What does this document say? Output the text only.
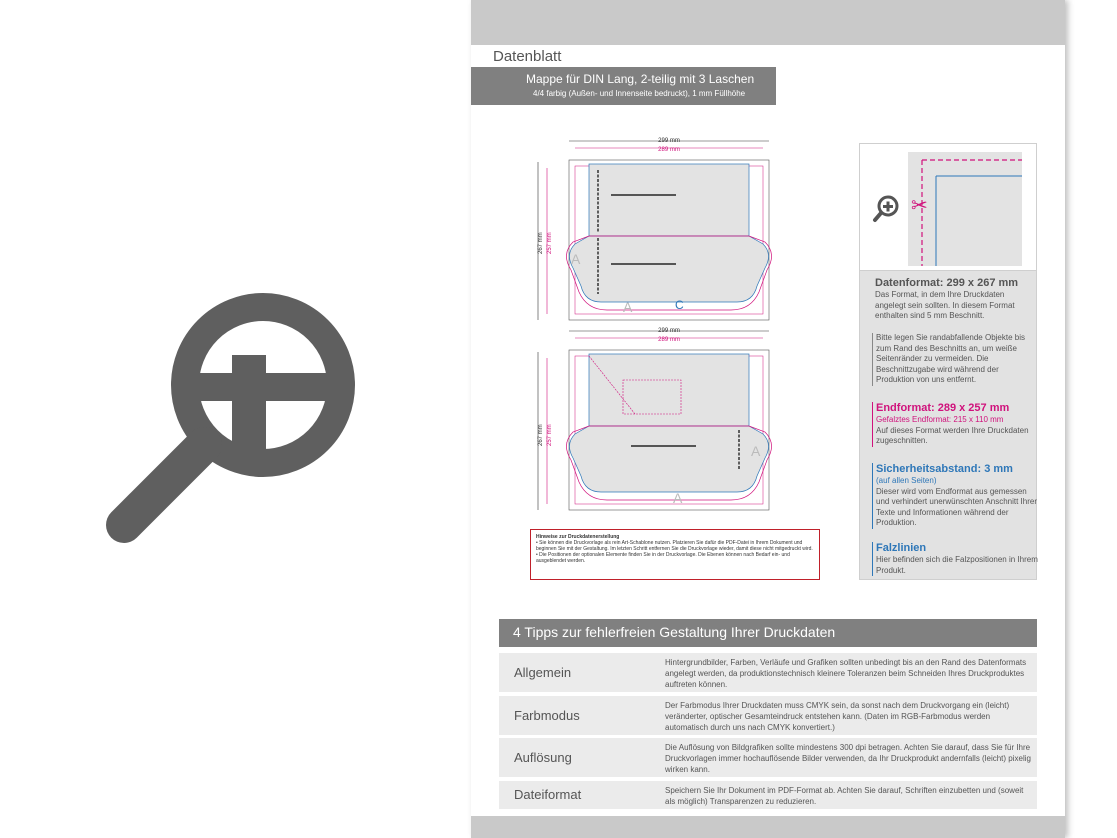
Datenblatt
Mappe für DIN Lang, 2-teilig mit 3 Laschen
4/4 farbig (Außen- und Innenseite bedruckt), 1 mm Füllhöhe
299 mm
289 mm
267 mm 257 mm
A
A	C
299 mm
289 mm
267 mm 257 mm
A
A
Hinweise zur Druckdatenerstellung
• Sie können die Druckvorlage als rein Art-Schablone nutzen. Platzieren Sie dafür die PDF-Datei in Ihrem Dokument und beginnen Sie mit der Gestaltung. Im letzten Schritt entfernen Sie die Druckvorlage wieder, damit diese nicht mitgedruckt wird.
• Die Positionen der optionalen Elemente finden Sie in der Druckvorlage. Die Ebenen können nach Bedarf ein- und ausgeblendet werden.
✂
Datenformat: 299 x 267 mm
Das Format, in dem Ihre Druckdaten angelegt sein sollten. In diesem Format enthalten sind 5 mm Beschnitt.
Bitte legen Sie randabfallende Objekte bis zum Rand des Beschnitts an, um weiße Seitenränder zu vermeiden. Die Beschnittzugabe wird während der Produktion von uns entfernt.
Endformat: 289 x 257 mm
Gefalztes Endformat: 215 x 110 mm
Auf dieses Format werden Ihre Druckdaten zugeschnitten.
Sicherheitsabstand: 3 mm
(auf allen Seiten)
Dieser wird vom Endformat aus gemessen und verhindert unerwünschten Anschnitt Ihrer Texte und Informationen während der Produktion.
Falzlinien
Hier befinden sich die Falzpositionen in Ihrem Produkt.
4 Tipps zur fehlerfreien Gestaltung Ihrer Druckdaten
Allgemein
Hintergrundbilder, Farben, Verläufe und Grafiken sollten unbedingt bis an den Rand des Datenformats angelegt werden, da produktionstechnisch kleinere Toleranzen beim Schneiden Ihres Druckproduktes auftreten können.
Farbmodus
Der Farbmodus Ihrer Druckdaten muss CMYK sein, da sonst nach dem Druckvorgang ein (leicht) veränderter, optischer Gesamteindruck entstehen kann. (Daten im RGB-Farbmodus werden automatisch durch uns nach CMYK konvertiert.)
Auflösung
Die Auflösung von Bildgrafiken sollte mindestens 300 dpi betragen. Achten Sie darauf, dass Sie für Ihre Druckvorlagen immer hochauflösende Bilder verwenden, da Ihr Druckprodukt andernfalls (leicht) pixelig wirken kann.
Dateiformat	Speichern Sie Ihr Dokument im PDF-Format ab. Achten Sie darauf, Schriften einzubetten und (soweit als möglich) Transparenzen zu reduzieren.
